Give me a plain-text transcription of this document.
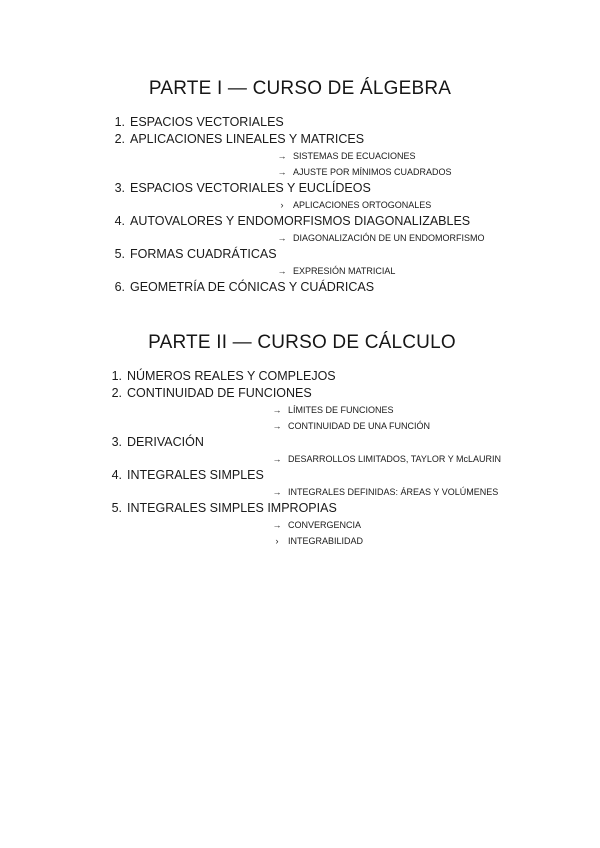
PARTE I — CURSO DE ÁLGEBRA
1. ESPACIOS VECTORIALES
2. APLICACIONES LINEALES Y MATRICES
→ SISTEMAS DE ECUACIONES
→ AJUSTE POR MÍNIMOS CUADRADOS
3. ESPACIOS VECTORIALES Y EUCLÍDEOS
›	APLICACIONES ORTOGONALES
4. AUTOVALORES Y ENDOMORFISMOS DIAGONALIZABLES
→ DIAGONALIZACIÓN DE UN ENDOMORFISMO
5. FORMAS CUADRÁTICAS
→ EXPRESIÓN MATRICIAL
6. GEOMETRÍA DE CÓNICAS Y CUÁDRICAS
PARTE II — CURSO DE CÁLCULO
1. NÚMEROS REALES Y COMPLEJOS
2. CONTINUIDAD DE FUNCIONES
→ LÍMITES DE FUNCIONES
→ CONTINUIDAD DE UNA FUNCIÓN
3. DERIVACIÓN
→ DESARROLLOS LIMITADOS, TAYLOR Y McLAURIN
4. INTEGRALES SIMPLES
→ INTEGRALES DEFINIDAS: ÁREAS Y VOLÚMENES
5. INTEGRALES SIMPLES IMPROPIAS
→ CONVERGENCIA
›	INTEGRABILIDAD
